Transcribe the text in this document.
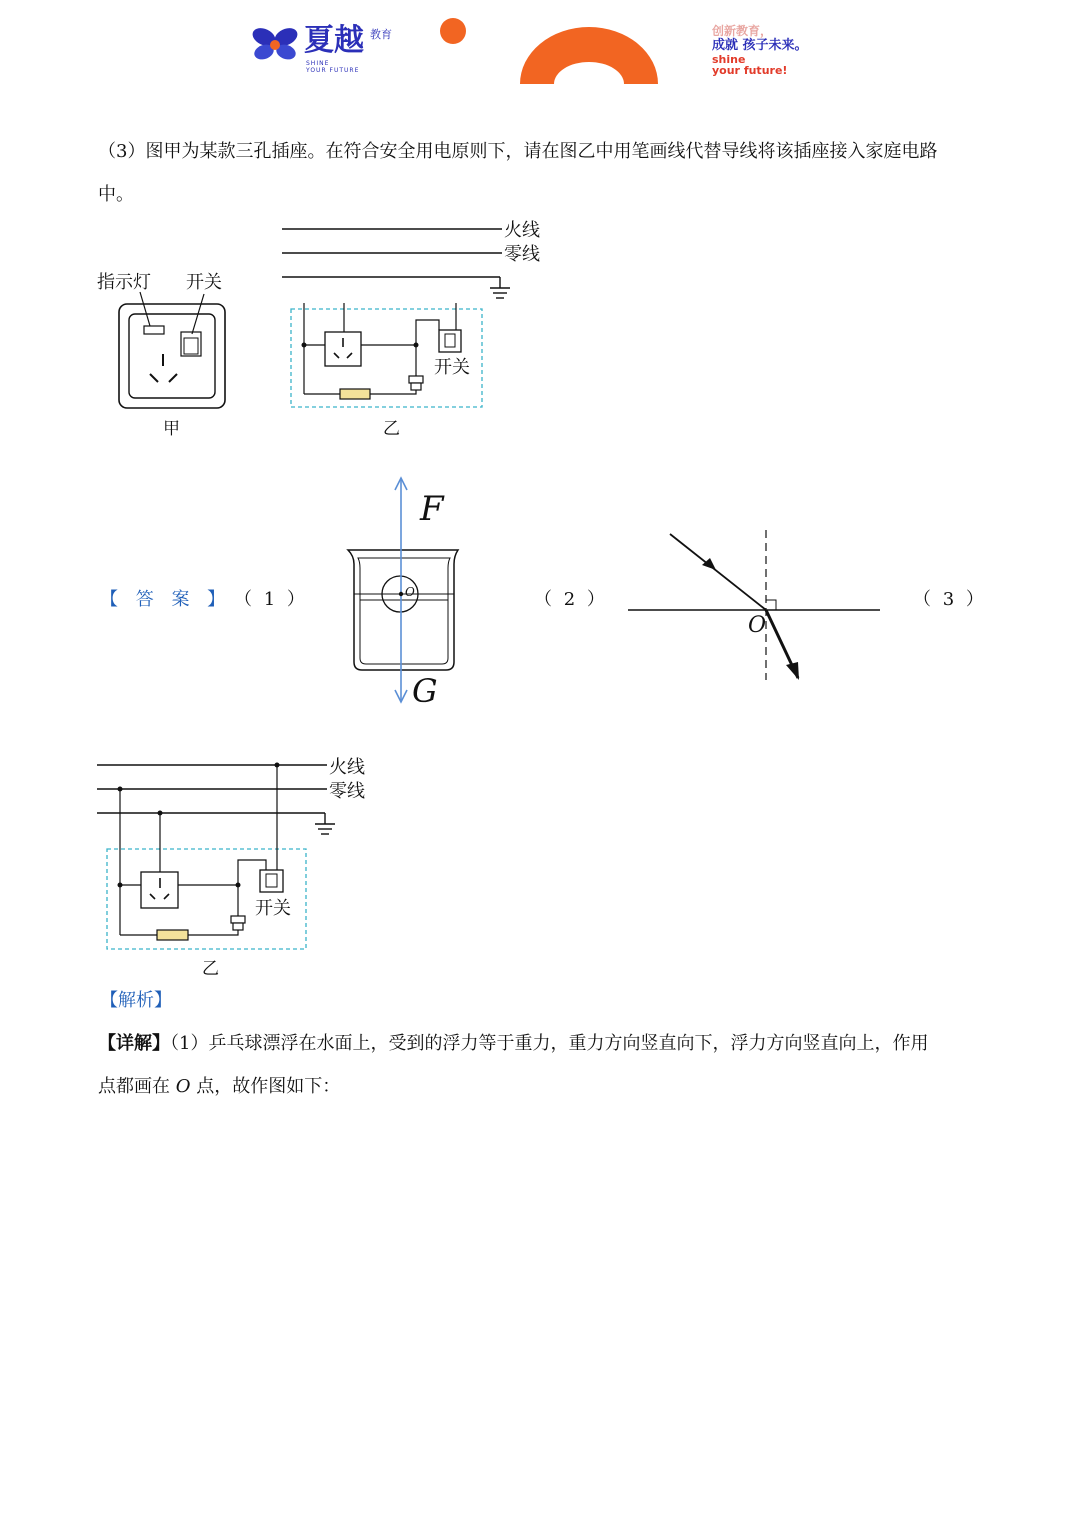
夏越 教育
SHINE
YOUR FUTURE
创新教育，
成就 孩子未来。
shine
your future!
（3）图甲为某款三孔插座。在符合安全用电原则下，请在图乙中用笔画线代替导线将该插座接入家庭电路
中。
指示灯 开关
甲
火线
零线
开关
乙
【 答 案 】 （ 1 ）	（ 2 ）	（ 3 ）
O
F
G
O
火线
零线
开关
乙
【解析】
【详解】（1）乒乓球漂浮在水面上，受到的浮力等于重力，重力方向竖直向下，浮力方向竖直向上，作用
点都画在 O 点，故作图如下：
